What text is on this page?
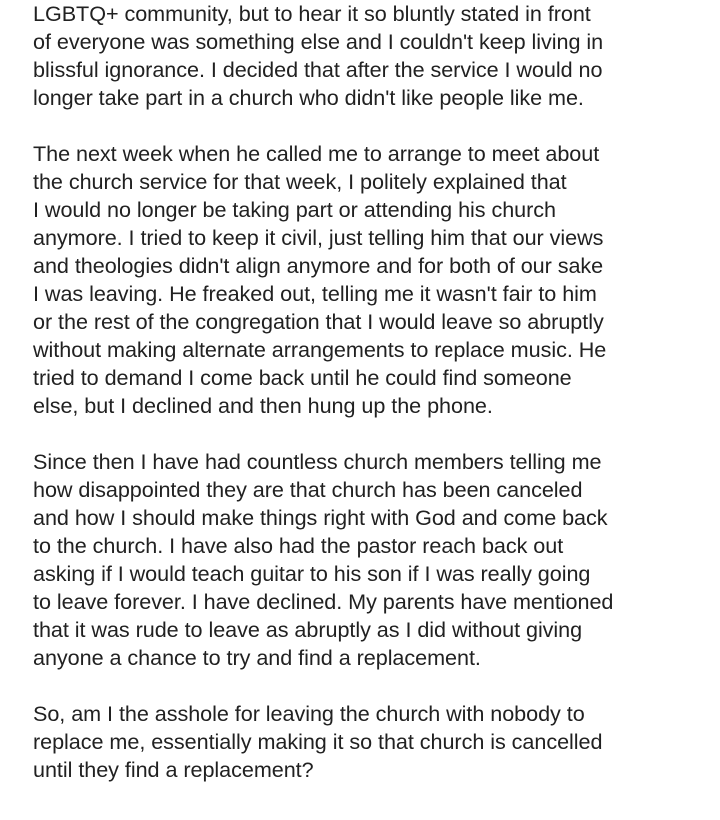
LGBTQ+ community, but to hear it so bluntly stated in front
of everyone was something else and I couldn't keep living in
blissful ignorance. I decided that after the service I would no
longer take part in a church who didn't like people like me.
The next week when he called me to arrange to meet about
the church service for that week, I politely explained that
I would no longer be taking part or attending his church
anymore. I tried to keep it civil, just telling him that our views
and theologies didn't align anymore and for both of our sake
I was leaving. He freaked out, telling me it wasn't fair to him
or the rest of the congregation that I would leave so abruptly
without making alternate arrangements to replace music. He
tried to demand I come back until he could find someone
else, but I declined and then hung up the phone.
Since then I have had countless church members telling me
how disappointed they are that church has been canceled
and how I should make things right with God and come back
to the church. I have also had the pastor reach back out
asking if I would teach guitar to his son if I was really going
to leave forever. I have declined. My parents have mentioned
that it was rude to leave as abruptly as I did without giving
anyone a chance to try and find a replacement.
So, am I the asshole for leaving the church with nobody to
replace me, essentially making it so that church is cancelled
until they find a replacement?
